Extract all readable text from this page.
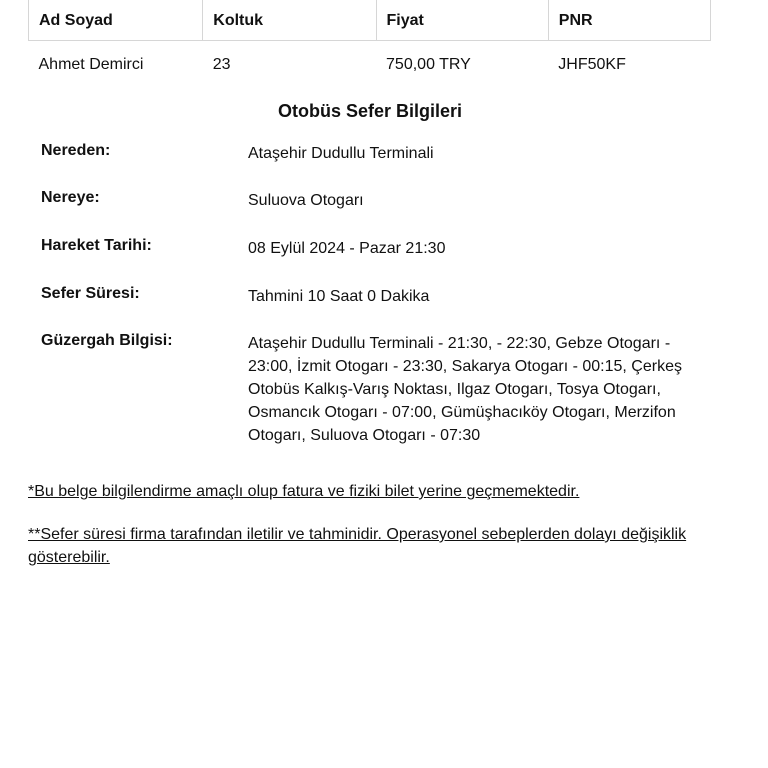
Ad Soyad	Koltuk	Fiyat	PNR
Ahmet Demirci	23	750,00 TRY	JHF50KF
Otobüs Sefer Bilgileri
Nereden:	Ataşehir Dudullu Terminali
Nereye:	Suluova Otogarı
Hareket Tarihi:	08 Eylül 2024 - Pazar 21:30
Sefer Süresi:	Tahmini 10 Saat 0 Dakika
Güzergah Bilgisi:	Ataşehir Dudullu Terminali - 21:30, - 22:30, Gebze Otogarı - 23:00, İzmit Otogarı - 23:30, Sakarya Otogarı - 00:15, Çerkeş Otobüs Kalkış-Varış Noktası, Ilgaz Otogarı, Tosya Otogarı, Osmancık Otogarı - 07:00, Gümüşhacıköy Otogarı, Merzifon Otogarı, Suluova Otogarı - 07:30
*Bu belge bilgilendirme amaçlı olup fatura ve fiziki bilet yerine geçmemektedir.
**Sefer süresi firma tarafından iletilir ve tahminidir. Operasyonel sebeplerden dolayı değişiklik gösterebilir.
